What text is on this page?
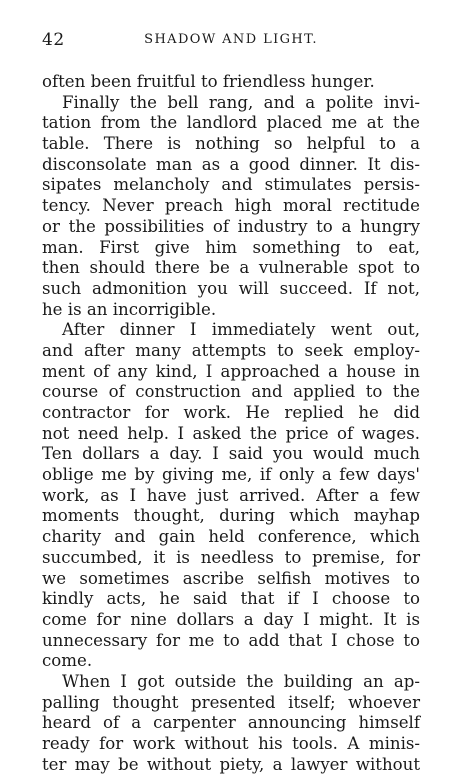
42	SHADOW AND LIGHT.
often been fruitful to friendless hunger.
Finally the bell rang, and a polite invi-
tation from the landlord placed me at the
table. There is nothing so helpful to a
disconsolate man as a good dinner. It dis-
sipates melancholy and stimulates persis-
tency. Never preach high moral rectitude
or the possibilities of industry to a hungry
man. First give him something to eat,
then should there be a vulnerable spot to
such admonition you will succeed. If not,
he is an incorrigible.
After dinner I immediately went out,
and after many attempts to seek employ-
ment of any kind, I approached a house in
course of construction and applied to the
contractor for work. He replied he did
not need help. I asked the price of wages.
Ten dollars a day. I said you would much
oblige me by giving me, if only a few days'
work, as I have just arrived. After a few
moments thought, during which mayhap
charity and gain held conference, which
succumbed, it is needless to premise, for
we sometimes ascribe selfish motives to
kindly acts, he said that if I choose to
come for nine dollars a day I might. It is
unnecessary for me to add that I chose to
come.
When I got outside the building an ap-
palling thought presented itself; whoever
heard of a carpenter announcing himself
ready for work without his tools. A minis-
ter may be without piety, a lawyer without
